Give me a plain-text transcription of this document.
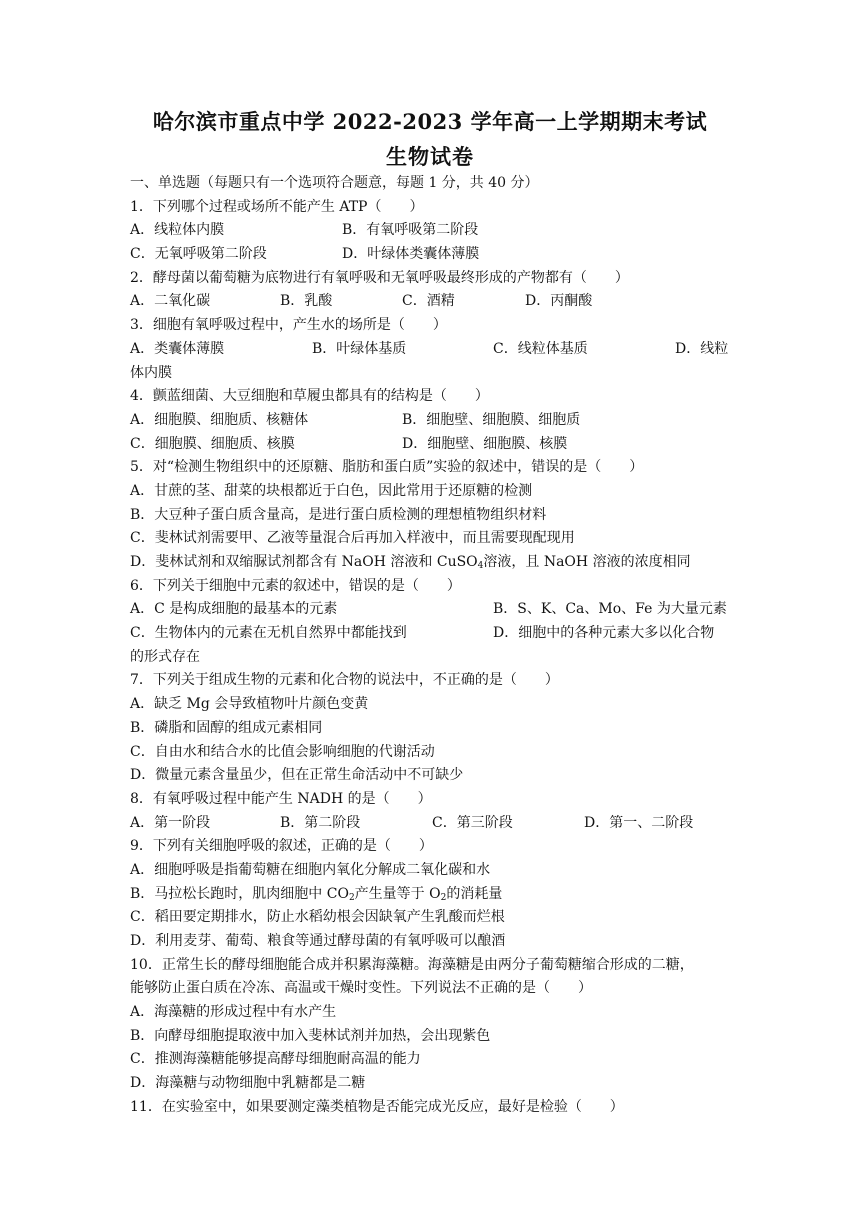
哈尔滨市重点中学 2022-2023 学年高一上学期期末考试
生物试卷
一、单选题（每题只有一个选项符合题意，每题 1 分，共 40 分）
1．下列哪个过程或场所不能产生 ATP（　　）
A．线粒体内膜	B．有氧呼吸第二阶段
C．无氧呼吸第二阶段	D．叶绿体类囊体薄膜
2．酵母菌以葡萄糖为底物进行有氧呼吸和无氧呼吸最终形成的产物都有（　　）
A．二氧化碳	B．乳酸	C．酒精	D．丙酮酸
3．细胞有氧呼吸过程中，产生水的场所是（　　）
A．类囊体薄膜	B．叶绿体基质	C．线粒体基质	D．线粒
体内膜
4．颤蓝细菌、大豆细胞和草履虫都具有的结构是（　　）
A．细胞膜、细胞质、核糖体	B．细胞壁、细胞膜、细胞质
C．细胞膜、细胞质、核膜	D．细胞壁、细胞膜、核膜
5．对“检测生物组织中的还原糖、脂肪和蛋白质”实验的叙述中，错误的是（　　）
A．甘蔗的茎、甜菜的块根都近于白色，因此常用于还原糖的检测
B．大豆种子蛋白质含量高，是进行蛋白质检测的理想植物组织材料
C．斐林试剂需要甲、乙液等量混合后再加入样液中，而且需要现配现用
D．斐林试剂和双缩脲试剂都含有 NaOH 溶液和 CuSO$_4$溶液，且 NaOH 溶液的浓度相同
6．下列关于细胞中元素的叙述中，错误的是（　　）
A．C 是构成细胞的最基本的元素	B．S、K、Ca、Mo、Fe 为大量元素
C．生物体内的元素在无机自然界中都能找到	D．细胞中的各种元素大多以化合物
的形式存在
7．下列关于组成生物的元素和化合物的说法中，不正确的是（　　）
A．缺乏 Mg 会导致植物叶片颜色变黄
B．磷脂和固醇的组成元素相同
C．自由水和结合水的比值会影响细胞的代谢活动
D．微量元素含量虽少，但在正常生命活动中不可缺少
8．有氧呼吸过程中能产生 NADH 的是（　　）
A．第一阶段	B．第二阶段	C．第三阶段	D．第一、二阶段
9．下列有关细胞呼吸的叙述，正确的是（　　）
A．细胞呼吸是指葡萄糖在细胞内氧化分解成二氧化碳和水
B．马拉松长跑时，肌肉细胞中 $CO_2$产生量等于 $O_2$的消耗量
C．稻田要定期排水，防止水稻幼根会因缺氧产生乳酸而烂根
D．利用麦芽、葡萄、粮食等通过酵母菌的有氧呼吸可以酿酒
10．正常生长的酵母细胞能合成并积累海藻糖。海藻糖是由两分子葡萄糖缩合形成的二糖，
能够防止蛋白质在冷冻、高温或干燥时变性。下列说法不正确的是（　　）
A．海藻糖的形成过程中有水产生
B．向酵母细胞提取液中加入斐林试剂并加热，会出现紫色
C．推测海藻糖能够提高酵母细胞耐高温的能力
D．海藻糖与动物细胞中乳糖都是二糖
11．在实验室中，如果要测定藻类植物是否能完成光反应，最好是检验（　　）
